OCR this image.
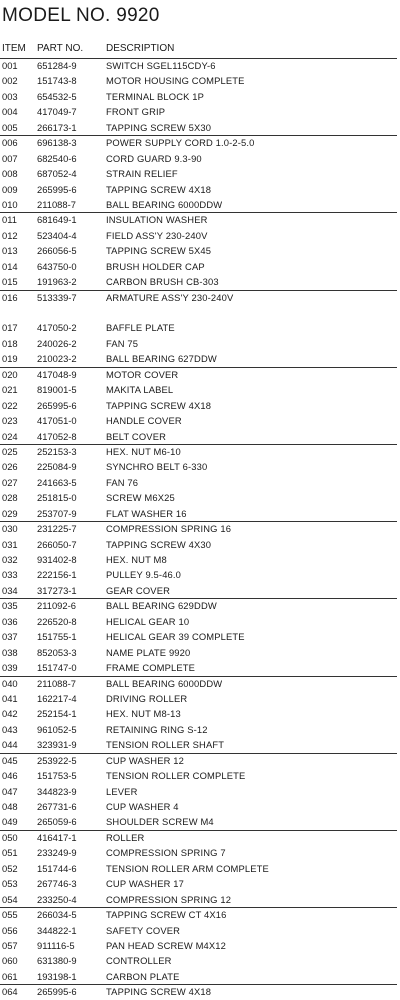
MODEL NO. 9920
ITEM PART NO. DESCRIPTION
001 651284-9	SWITCH SGEL115CDY-6
002 151743-8	MOTOR HOUSING COMPLETE
003 654532-5	TERMINAL BLOCK 1P
004 417049-7	FRONT GRIP
005 266173-1	TAPPING SCREW 5X30
006 696138-3	POWER SUPPLY CORD 1.0-2-5.0
007 682540-6	CORD GUARD 9.3-90
008 687052-4	STRAIN RELIEF
009 265995-6	TAPPING SCREW 4X18
010 211088-7	BALL BEARING 6000DDW
011 681649-1	INSULATION WASHER
012 523404-4	FIELD ASS'Y 230-240V
013 266056-5	TAPPING SCREW 5X45
014 643750-0	BRUSH HOLDER CAP
015 191963-2	CARBON BRUSH CB-303
016 513339-7	ARMATURE ASS'Y 230-240V
017 417050-2	BAFFLE PLATE
018 240026-2	FAN 75
019 210023-2	BALL BEARING 627DDW
020 417048-9	MOTOR COVER
021 819001-5	MAKITA LABEL
022 265995-6	TAPPING SCREW 4X18
023 417051-0	HANDLE COVER
024 417052-8	BELT COVER
025 252153-3	HEX. NUT M6-10
026 225084-9	SYNCHRO BELT 6-330
027 241663-5	FAN 76
028 251815-0	SCREW M6X25
029 253707-9	FLAT WASHER 16
030 231225-7	COMPRESSION SPRING 16
031 266050-7	TAPPING SCREW 4X30
032 931402-8	HEX. NUT M8
033 222156-1	PULLEY 9.5-46.0
034 317273-1	GEAR COVER
035 211092-6	BALL BEARING 629DDW
036 226520-8	HELICAL GEAR 10
037 151755-1	HELICAL GEAR 39 COMPLETE
038 852053-3	NAME PLATE 9920
039 151747-0	FRAME COMPLETE
040 211088-7	BALL BEARING 6000DDW
041 162217-4	DRIVING ROLLER
042 252154-1	HEX. NUT M8-13
043 961052-5	RETAINING RING S-12
044 323931-9	TENSION ROLLER SHAFT
045 253922-5	CUP WASHER 12
046 151753-5	TENSION ROLLER COMPLETE
047 344823-9	LEVER
048 267731-6	CUP WASHER 4
049 265059-6	SHOULDER SCREW M4
050 416417-1	ROLLER
051 233249-9	COMPRESSION SPRING 7
052 151744-6	TENSION ROLLER ARM COMPLETE
053 267746-3	CUP WASHER 17
054 233250-4	COMPRESSION SPRING 12
055 266034-5	TAPPING SCREW CT 4X16
056 344822-1	SAFETY COVER
057 911116-5	PAN HEAD SCREW M4X12
060 631380-9	CONTROLLER
061 193198-1	CARBON PLATE
064 265995-6	TAPPING SCREW 4X18
